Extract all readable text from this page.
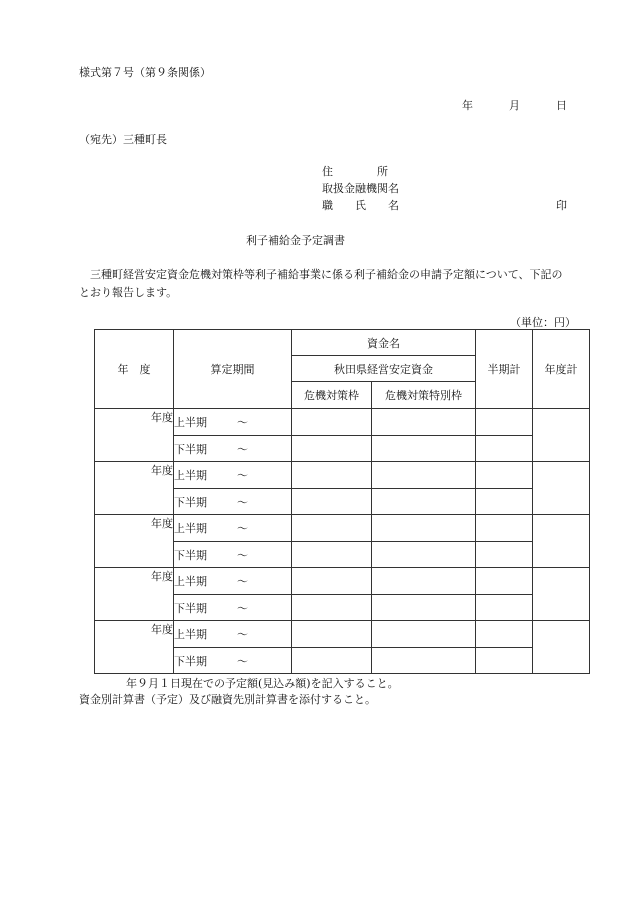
様式第７号（第９条関係）
年	月	日
（宛先）三種町長
住　　　　所
取扱金融機関名
職　　氏　　名	印
利子補給金予定調書
三種町経営安定資金危機対策枠等利子補給事業に係る利子補給金の申請予定額について、下記のとおり報告します。
（単位：円）
年　度	算定期間	資金名		半期計	年度計
		秋田県経営安定資金			
		危機対策枠	危機対策特別枠		
年度	上半期 ～				
	下半期 ～				
年度	上半期 ～				
	下半期 ～				
年度	上半期 ～				
	下半期 ～				
年度	上半期 ～				
	下半期 ～				
年度	上半期 ～				
	下半期 ～				
年９月１日現在での予定額(見込み額)を記入すること。
資金別計算書（予定）及び融資先別計算書を添付すること。
